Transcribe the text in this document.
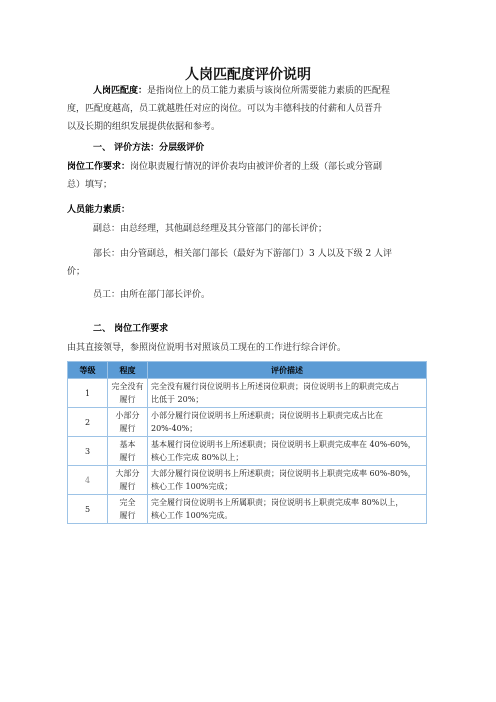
人岗匹配度评价说明
人岗匹配度：是指岗位上的员工能力素质与该岗位所需要能力素质的匹配程
度，匹配度越高，员工就越胜任对应的岗位。可以为丰德科技的付薪和人员晋升
以及长期的组织发展提供依据和参考。
一、 评价方法：分层级评价
岗位工作要求：岗位职责履行情况的评价表均由被评价者的上级（部长或分管副
总）填写；
人员能力素质：
副总：由总经理，其他副总经理及其分管部门的部长评价；
部长：由分管副总，相关部门部长（最好为下游部门）3 人以及下级 2 人评
价；
员工：由所在部门部长评价。
二、 岗位工作要求
由其直接领导，参照岗位说明书对照该员工现在的工作进行综合评价。
等级	程度	评价描述
1	完全没有
履行	完全没有履行岗位说明书上所述岗位职责；岗位说明书上的职责完成占
比低于 20%；
2	小部分
履行	小部分履行岗位说明书上所述职责；岗位说明书上职责完成占比在
20%-40%；
3	基本
履行	基本履行岗位说明书上所述职责；岗位说明书上职责完成率在 40%-60%，
核心工作完成 80%以上；
4	大部分
履行	大部分履行岗位说明书上所述职责；岗位说明书上职责完成率 60%-80%，
核心工作 100%完成；
5	完全
履行	完全履行岗位说明书上所属职责；岗位说明书上职责完成率 80%以上，
核心工作 100%完成。
